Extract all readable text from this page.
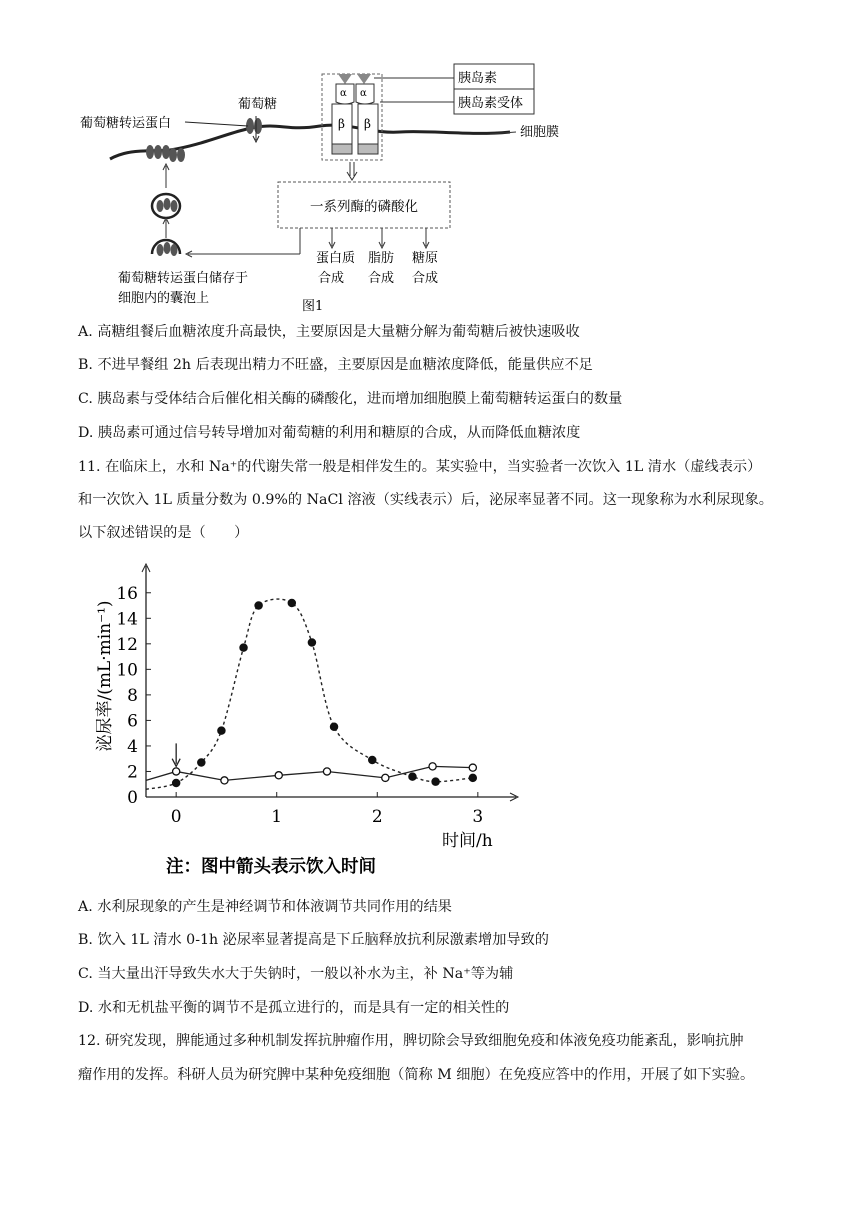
葡萄糖转运蛋白
葡萄糖
α α
β β
胰岛素
胰岛素受体
细胞膜
一系列酶的磷酸化
蛋白质
合成
脂肪
合成
糖原
合成
葡萄糖转运蛋白储存于
细胞内的囊泡上
图1
A. 高糖组餐后血糖浓度升高最快，主要原因是大量糖分解为葡萄糖后被快速吸收
B. 不进早餐组 2h 后表现出精力不旺盛，主要原因是血糖浓度降低，能量供应不足
C. 胰岛素与受体结合后催化相关酶的磷酸化，进而增加细胞膜上葡萄糖转运蛋白的数量
D. 胰岛素可通过信号转导增加对葡萄糖的利用和糖原的合成，从而降低血糖浓度
11. 在临床上，水和 Na⁺的代谢失常一般是相伴发生的。某实验中，当实验者一次饮入 1L 清水（虚线表示）
和一次饮入 1L 质量分数为 0.9%的 NaCl 溶液（实线表示）后，泌尿率显著不同。这一现象称为水利尿现象。
以下叙述错误的是（　　）
0
2
4
6
8
10
12
14
16
0	1	2	3
泌尿率/(mL·min⁻¹)
时间/h
注：图中箭头表示饮入时间
A. 水利尿现象的产生是神经调节和体液调节共同作用的结果
B. 饮入 1L 清水 0-1h 泌尿率显著提高是下丘脑释放抗利尿激素增加导致的
C. 当大量出汗导致失水大于失钠时，一般以补水为主，补 Na⁺等为辅
D. 水和无机盐平衡的调节不是孤立进行的，而是具有一定的相关性的
12. 研究发现，脾能通过多种机制发挥抗肿瘤作用，脾切除会导致细胞免疫和体液免疫功能紊乱，影响抗肿
瘤作用的发挥。科研人员为研究脾中某种免疫细胞（简称 M 细胞）在免疫应答中的作用，开展了如下实验。
